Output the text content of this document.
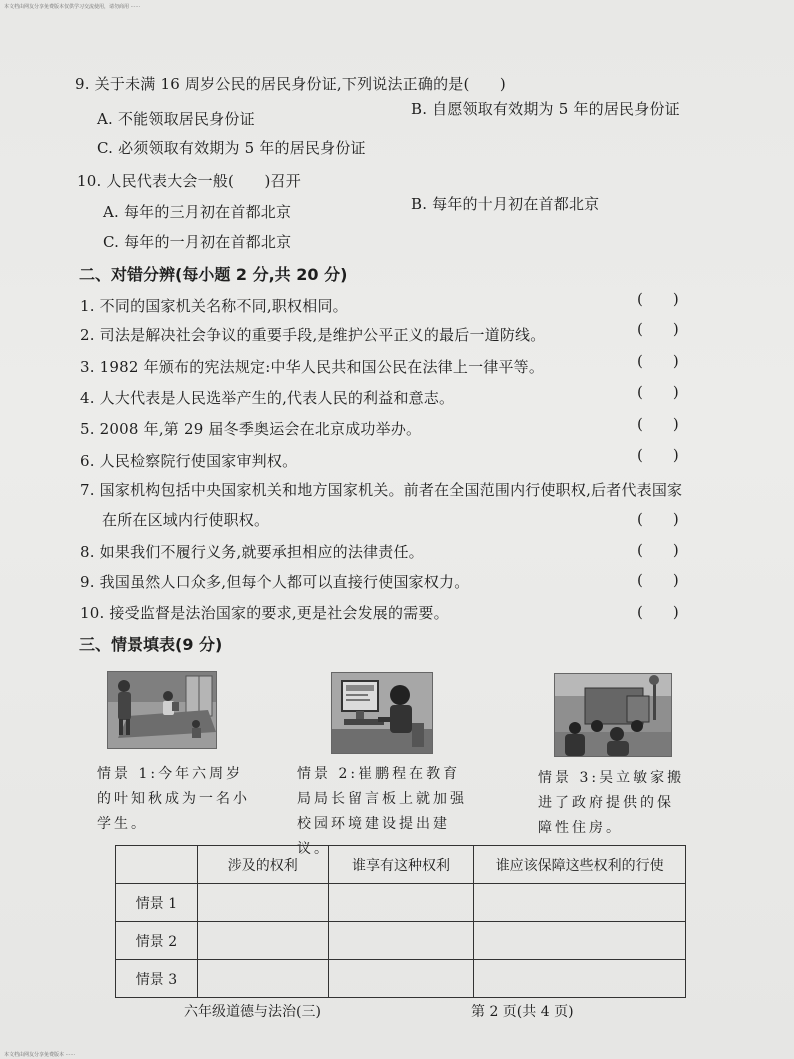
本文档由网友分享免费版本仅供学习交流使用，请勿商用 ······
9. 关于未满 16 周岁公民的居民身份证,下列说法正确的是(　　)
A. 不能领取居民身份证
B. 自愿领取有效期为 5 年的居民身份证
C. 必须领取有效期为 5 年的居民身份证
10. 人民代表大会一般(　　)召开
A. 每年的三月初在首都北京	B. 每年的十月初在首都北京
C. 每年的一月初在首都北京
二、对错分辨(每小题 2 分,共 20 分)
1. 不同的国家机关名称不同,职权相同。	(　　)
2. 司法是解决社会争议的重要手段,是维护公平正义的最后一道防线。	(　　)
3. 1982 年颁布的宪法规定:中华人民共和国公民在法律上一律平等。	(　　)
4. 人大代表是人民选举产生的,代表人民的利益和意志。	(　　)
5. 2008 年,第 29 届冬季奥运会在北京成功举办。	(　　)
6. 人民检察院行使国家审判权。	(　　)
7. 国家机构包括中央国家机关和地方国家机关。前者在全国范围内行使职权,后者代表国家
在所在区域内行使职权。	(　　)
8. 如果我们不履行义务,就要承担相应的法律责任。	(　　)
9. 我国虽然人口众多,但每个人都可以直接行使国家权力。	(　　)
10. 接受监督是法治国家的要求,更是社会发展的需要。	(　　)
三、情景填表(9 分)
情景 1:今年六周岁的叶知秋成为一名小学生。
情景 2:崔鹏程在教育局局长留言板上就加强校园环境建设提出建议。
情景 3:吴立敏家搬进了政府提供的保障性住房。
	涉及的权利	谁享有这种权利	谁应该保障这些权利的行使
情景 1			
情景 2			
情景 3			
六年级道德与法治(三)	第 2 页(共 4 页)
本文档由网友分享免费版本 ······
